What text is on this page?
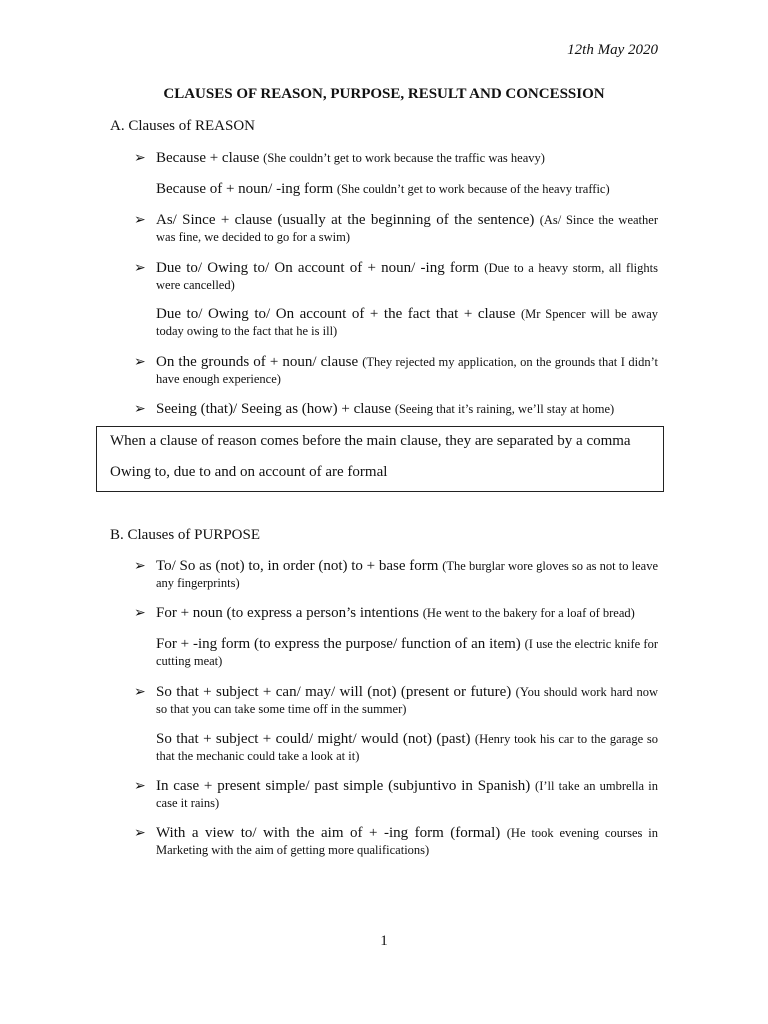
12th May 2020
CLAUSES OF REASON, PURPOSE, RESULT AND CONCESSION
A. Clauses of REASON
➢ Because + clause (She couldn’t get to work because the traffic was heavy)
Because of + noun/ -ing form (She couldn’t get to work because of the heavy traffic)
➢ As/ Since + clause (usually at the beginning of the sentence) (As/ Since the weather was fine, we decided to go for a swim)
➢ Due to/ Owing to/ On account of + noun/ -ing form (Due to a heavy storm, all flights were cancelled)
Due to/ Owing to/ On account of + the fact that + clause (Mr Spencer will be away today owing to the fact that he is ill)
➢ On the grounds of + noun/ clause (They rejected my application, on the grounds that I didn’t have enough experience)
➢ Seeing (that)/ Seeing as (how) + clause (Seeing that it’s raining, we’ll stay at home)
When a clause of reason comes before the main clause, they are separated by a comma
Owing to, due to and on account of are formal
B. Clauses of PURPOSE
➢ To/ So as (not) to, in order (not) to + base form (The burglar wore gloves so as not to leave any fingerprints)
➢ For + noun (to express a person’s intentions (He went to the bakery for a loaf of bread)
For + -ing form (to express the purpose/ function of an item) (I use the electric knife for cutting meat)
➢ So that + subject + can/ may/ will (not) (present or future) (You should work hard now so that you can take some time off in the summer)
So that + subject + could/ might/ would (not) (past) (Henry took his car to the garage so that the mechanic could take a look at it)
➢ In case + present simple/ past simple (subjuntivo in Spanish) (I’ll take an umbrella in case it rains)
➢ With a view to/ with the aim of + -ing form (formal) (He took evening courses in Marketing with the aim of getting more qualifications)
1
